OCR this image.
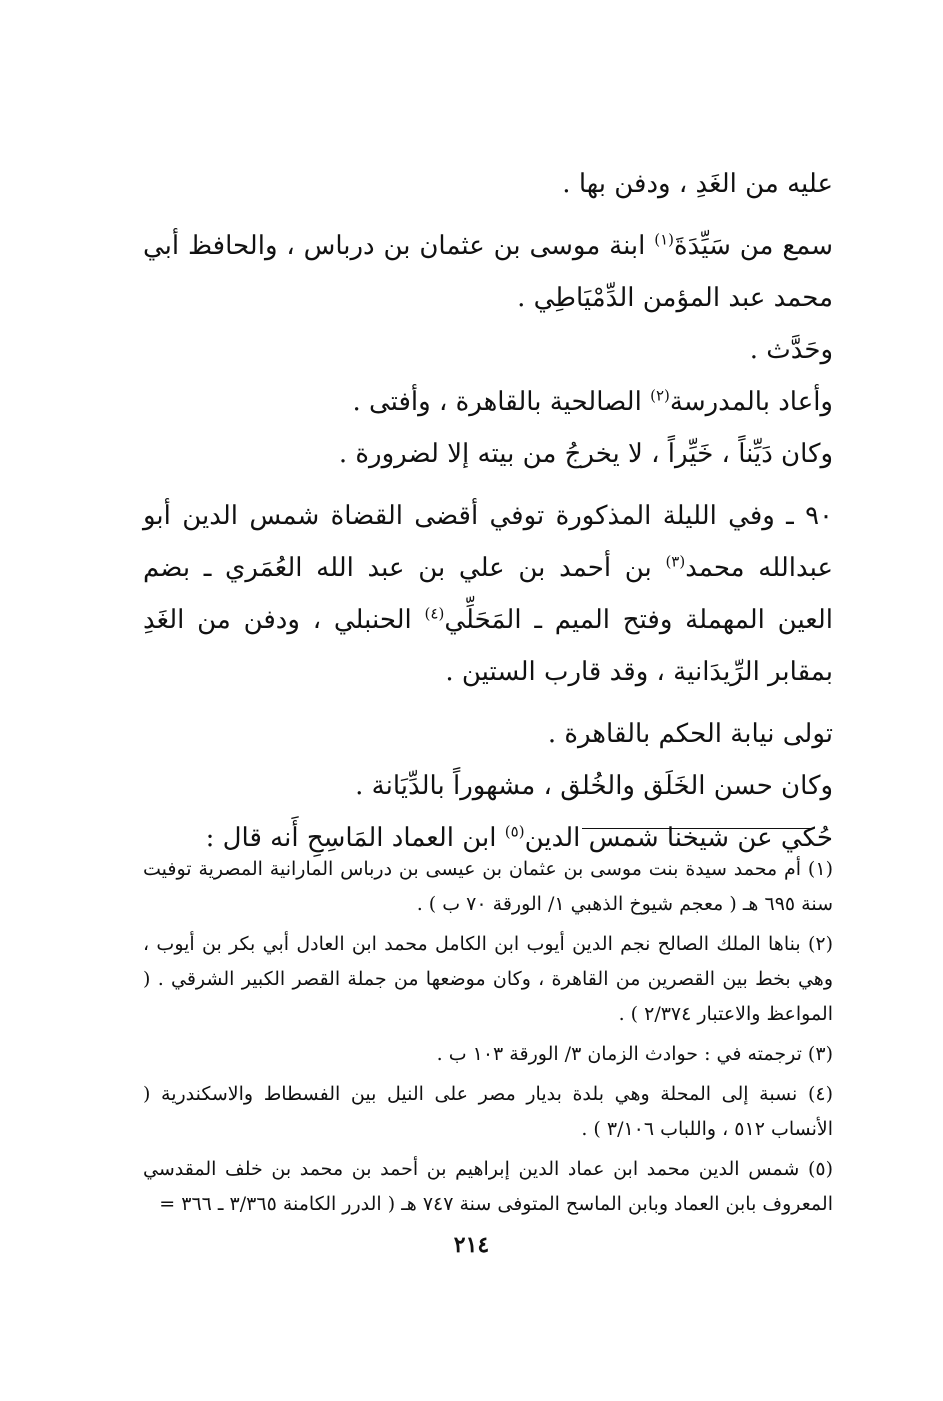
عليه من الغَدِ ، ودفن بها .

سمع من سَيِّدَةَ$^{(١)}$ ابنة موسى بن عثمان بن درباس ، والحافظ أبي محمد عبد المؤمن الدِّمْيَاطِي .

وحَدَّث .

وأعاد بالمدرسة$^{(٢)}$ الصالحية بالقاهرة ، وأفتى .

وكان دَيِّناً ، خَيِّراً ، لا يخرجُ من بيته إلا لضرورة .

٩٠ ـ وفي الليلة المذكورة توفي أقضى القضاة شمس الدين أبو عبدالله محمد$^{(٣)}$ بن أحمد بن علي بن عبد الله العُمَري ـ بضم العين المهملة وفتح الميم ـ المَحَلِّي$^{(٤)}$ الحنبلي ، ودفن من الغَدِ بمقابر الرِّيدَانية ، وقد قارب الستين .

تولى نيابة الحكم بالقاهرة .

وكان حسن الخَلَق والخُلق ، مشهوراً بالدِّيَانة .

حُكي عن شيخنا شمس الدين$^{(٥)}$ ابن العماد المَاسِحِ أَنه قال :

(١) أم محمد سيدة بنت موسى بن عثمان بن عيسى بن درباس المارانية المصرية توفيت سنة ٦٩٥ هـ ( معجم شيوخ الذهبي ١/ الورقة ٧٠ ب ) .

(٢) بناها الملك الصالح نجم الدين أيوب ابن الكامل محمد ابن العادل أبي بكر بن أيوب ، وهي بخط بين القصرين من القاهرة ، وكان موضعها من جملة القصر الكبير الشرقي . ( المواعظ والاعتبار ٢/٣٧٤ ) .

(٣) ترجمته في : حوادث الزمان ٣/ الورقة ١٠٣ ب .

(٤) نسبة إلى المحلة وهي بلدة بديار مصر على النيل بين الفسطاط والاسكندرية ( الأنساب ٥١٢ ، واللباب ٣/١٠٦ ) .

(٥) شمس الدين محمد ابن عماد الدين إبراهيم بن أحمد بن محمد بن خلف المقدسي المعروف بابن العماد وبابن الماسح المتوفى سنة ٧٤٧ هـ ( الدرر الكامنة ٣/٣٦٥ ـ ٣٦٦ =

٢١٤
